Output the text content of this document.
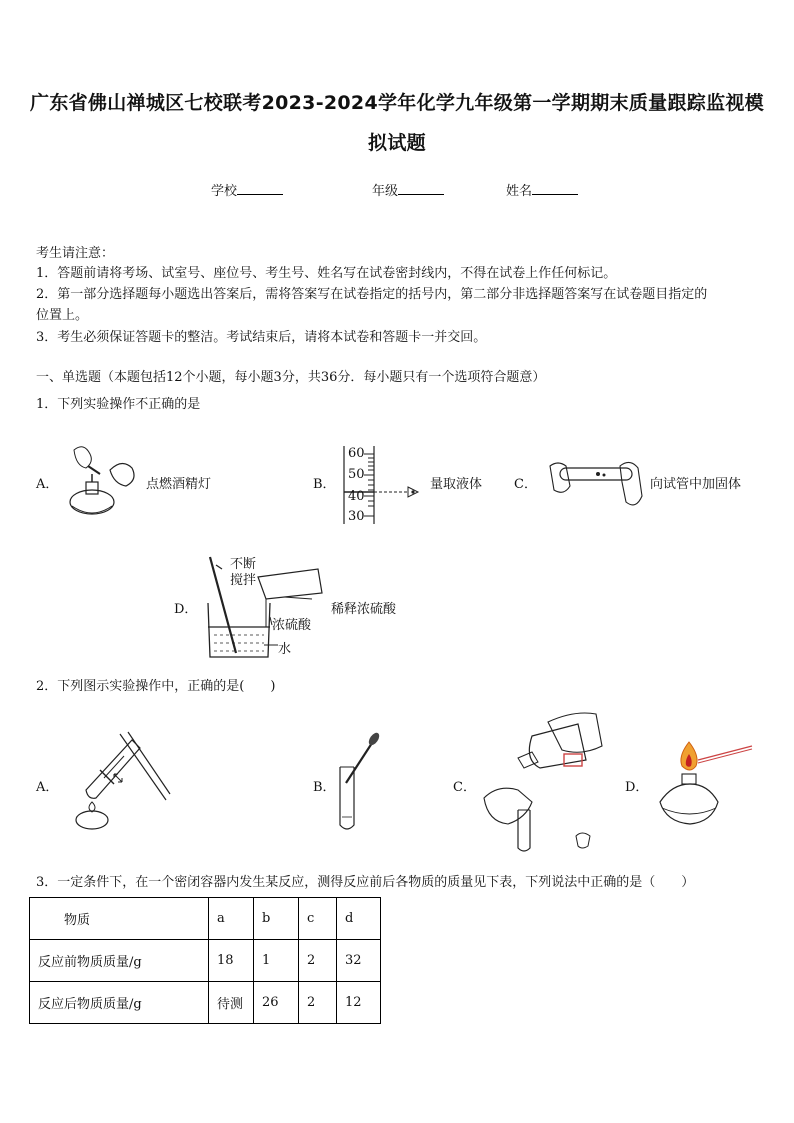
广东省佛山禅城区七校联考2023-2024学年化学九年级第一学期期末质量跟踪监视模
拟试题
学校	年级	姓名
考生请注意：
1．答题前请将考场、试室号、座位号、考生号、姓名写在试卷密封线内，不得在试卷上作任何标记。
2．第一部分选择题每小题选出答案后，需将答案写在试卷指定的括号内，第二部分非选择题答案写在试卷题目指定的
位置上。
3．考生必须保证答题卡的整洁。考试结束后，请将本试卷和答题卡一并交回。
一、单选题（本题包括12个小题，每小题3分，共36分．每小题只有一个选项符合题意）
1．下列实验操作不正确的是
A．	点燃酒精灯	B．
60
50
40
30
量取液体 C．	向试管中加固体
D．
不断
搅拌
稀释浓硫酸
浓硫酸
水
2．下列图示实验操作中，正确的是(　　)
A．	B．	C．	D．
3．一定条件下，在一个密闭容器内发生某反应，测得反应前后各物质的质量见下表，下列说法中正确的是（　　）
物质	a	b	c	d
反应前物质质量/g	18	1	2	32
反应后物质质量/g	待测	26	2	12
